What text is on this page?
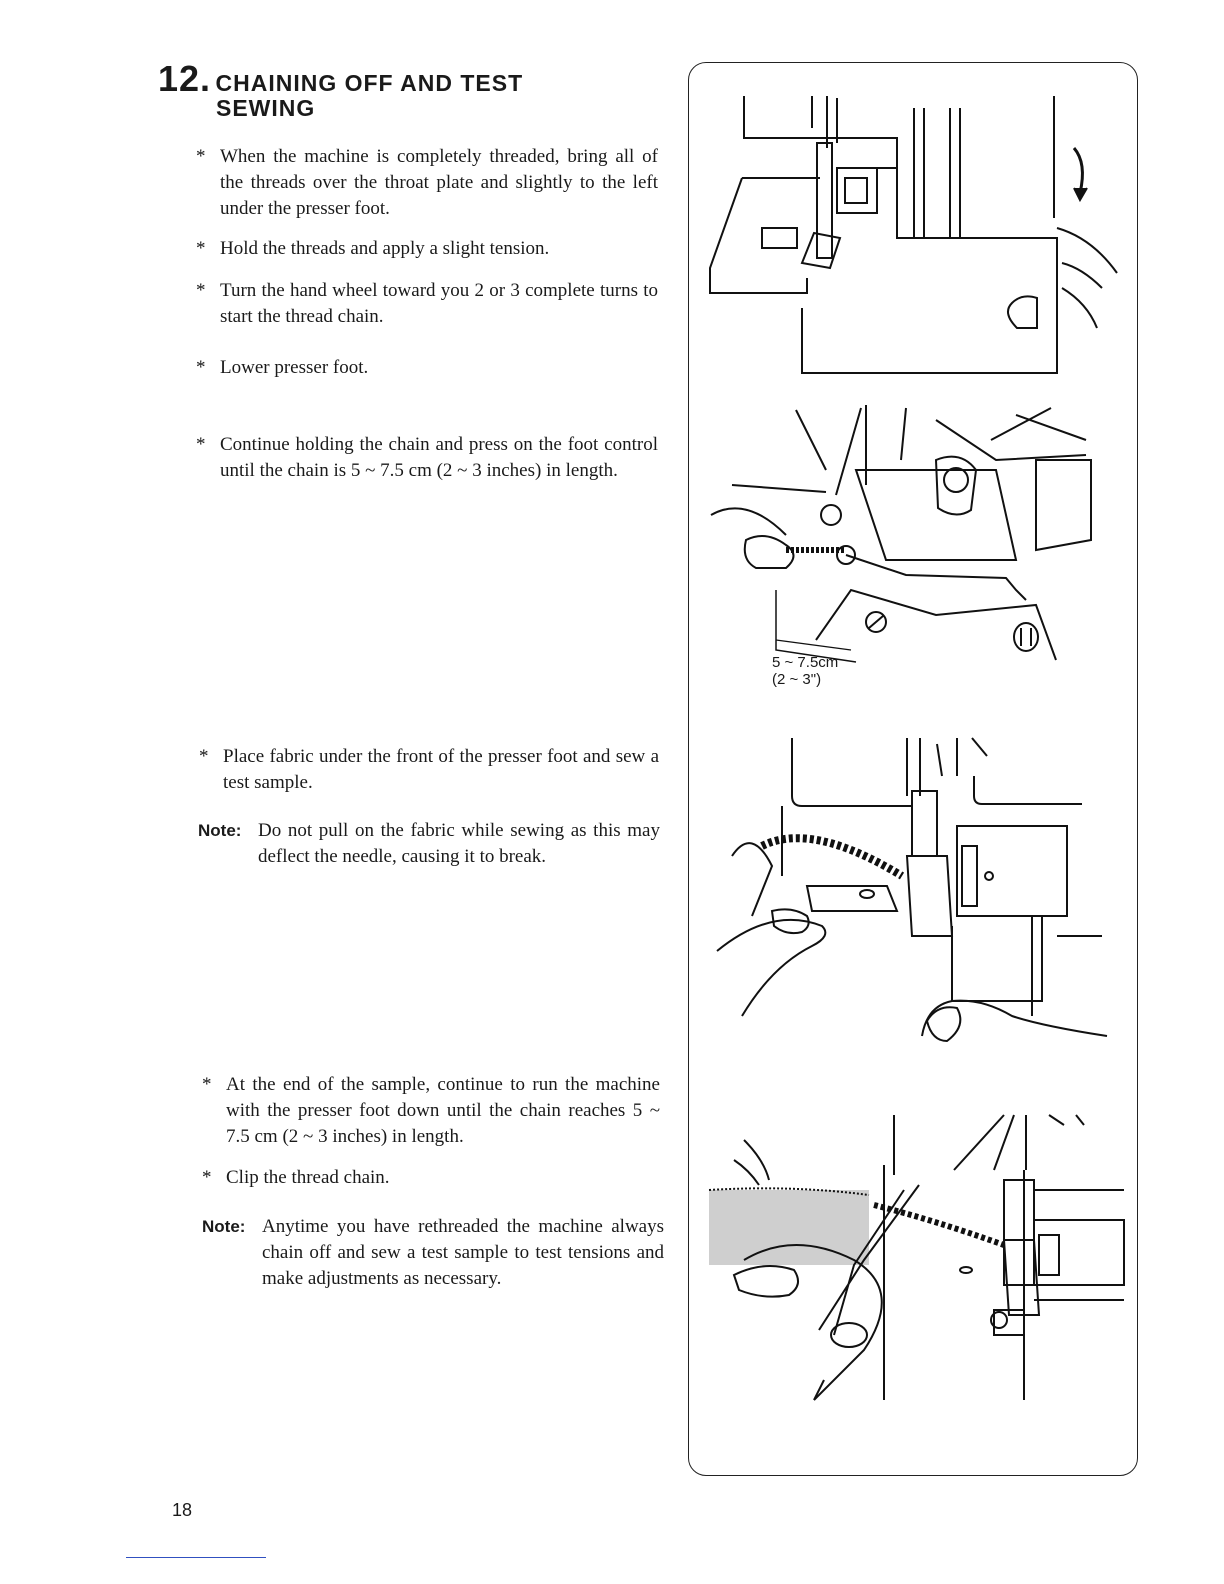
12. CHAINING OFF AND TEST
SEWING
* When the machine is completely threaded, bring all of the threads over the throat plate and slightly to the left under the presser foot.
* Hold the threads and apply a slight tension.
* Turn the hand wheel toward you 2 or 3 complete turns to start the thread chain.
* Lower presser foot.
* Continue holding the chain and press on the foot control until the chain is 5 ~ 7.5 cm (2 ~ 3 inches) in length.
* Place fabric under the front of the presser foot and sew a test sample.
Note: Do not pull on the fabric while sewing as this may deflect the needle, causing it to break.
* At the end of the sample, continue to run the machine with the presser foot down until the chain reaches 5 ~ 7.5 cm (2 ~ 3 inches) in length.
* Clip the thread chain.
Note: Anytime you have rethreaded the machine always chain off and sew a test sample to test tensions and make adjustments as necessary.
5 ~ 7.5cm
(2 ~ 3")
18
